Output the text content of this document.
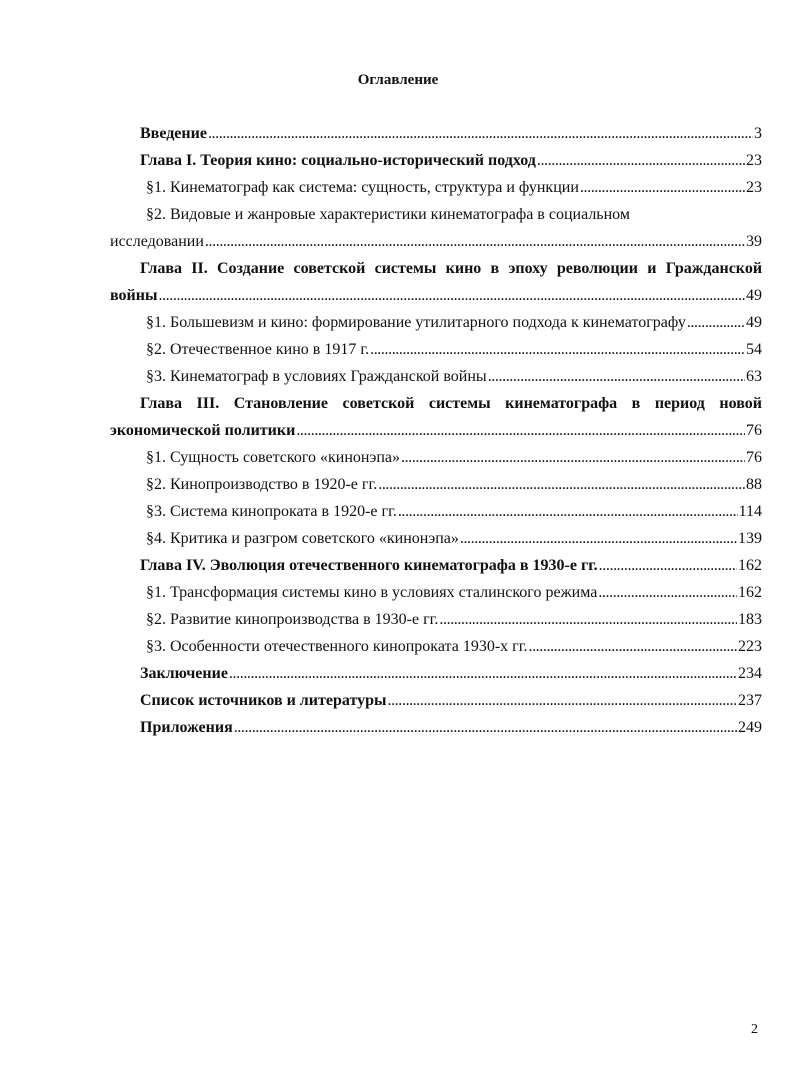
Оглавление
Введение . . .	3
Глава I. Теория кино: социально-исторический подход . . .	23
§1. Кинематограф как система: сущность, структура и функции . . .	23
§2. Видовые и жанровые характеристики кинематографа в социальном
исследовании . . .	39
Глава II. Создание советской системы кино в эпоху революции и Гражданской
войны . . .	49
§1. Большевизм и кино: формирование утилитарного подхода к кинематографу . . .	49
§2. Отечественное кино в 1917 г. . . .	54
§3. Кинематограф в условиях Гражданской войны . . .	63
Глава III. Становление советской системы кинематографа в период новой
экономической политики . . .	76
§1. Сущность советского «кинонэпа» . . .	76
§2. Кинопроизводство в 1920-е гг. . . .	88
§3. Система кинопроката в 1920-е гг. . . .	114
§4. Критика и разгром советского «кинонэпа» . . .	139
Глава IV. Эволюция отечественного кинематографа в 1930-е гг. . . .	162
§1. Трансформация системы кино в условиях сталинского режима . . .	162
§2. Развитие кинопроизводства в 1930-е гг. . . .	183
§3. Особенности отечественного кинопроката 1930-х гг. . . .	223
Заключение . . .	234
Список источников и литературы . . .	237
Приложения . . .	249
2
